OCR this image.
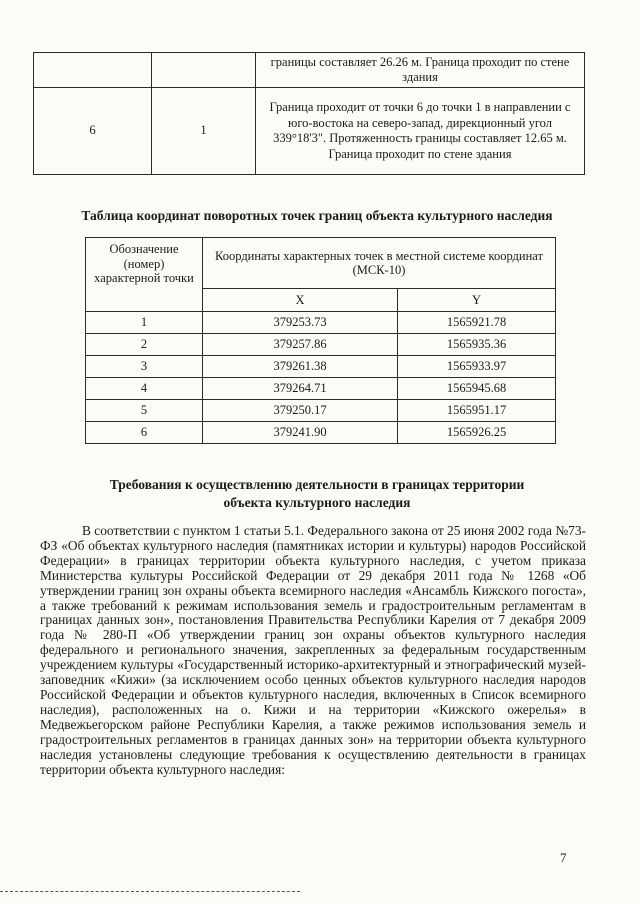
		границы составляет 26.26 м. Граница проходит по стене здания
6	1	Граница проходит от точки 6 до точки 1 в направлении с юго-востока на северо-запад, дирекционный угол 339°18'3". Протяженность границы составляет 12.65 м. Граница проходит по стене здания
Таблица координат поворотных точек границ объекта культурного наследия
Обозначение (номер) характерной точки	Координаты характерных точек в местной системе координат (МСК-10)	
	X	Y
1	379253.73	1565921.78
2	379257.86	1565935.36
3	379261.38	1565933.97
4	379264.71	1565945.68
5	379250.17	1565951.17
6	379241.90	1565926.25
Требования к осуществлению деятельности в границах территории объекта культурного наследия

В соответствии с пунктом 1 статьи 5.1. Федерального закона от 25 июня 2002 года №73-ФЗ «Об объектах культурного наследия (памятниках истории и культуры) народов Российской Федерации» в границах территории объекта культурного наследия, с учетом приказа Министерства культуры Российской Федерации от 29 декабря 2011 года № 1268 «Об утверждении границ зон охраны объекта всемирного наследия «Ансамбль Кижского погоста», а также требований к режимам использования земель и градостроительным регламентам в границах данных зон», постановления Правительства Республики Карелия от 7 декабря 2009 года № 280-П «Об утверждении границ зон охраны объектов культурного наследия федерального и регионального значения, закрепленных за федеральным государственным учреждением культуры «Государственный историко-архитектурный и этнографический музей-заповедник «Кижи» (за исключением особо ценных объектов культурного наследия народов Российской Федерации и объектов культурного наследия, включенных в Список всемирного наследия), расположенных на о. Кижи и на территории «Кижского ожерелья» в Медвежьегорском районе Республики Карелия, а также режимов использования земель и градостроительных регламентов в границах данных зон» на территории объекта культурного наследия установлены следующие требования к осуществлению деятельности в границах территории объекта культурного наследия:

7
